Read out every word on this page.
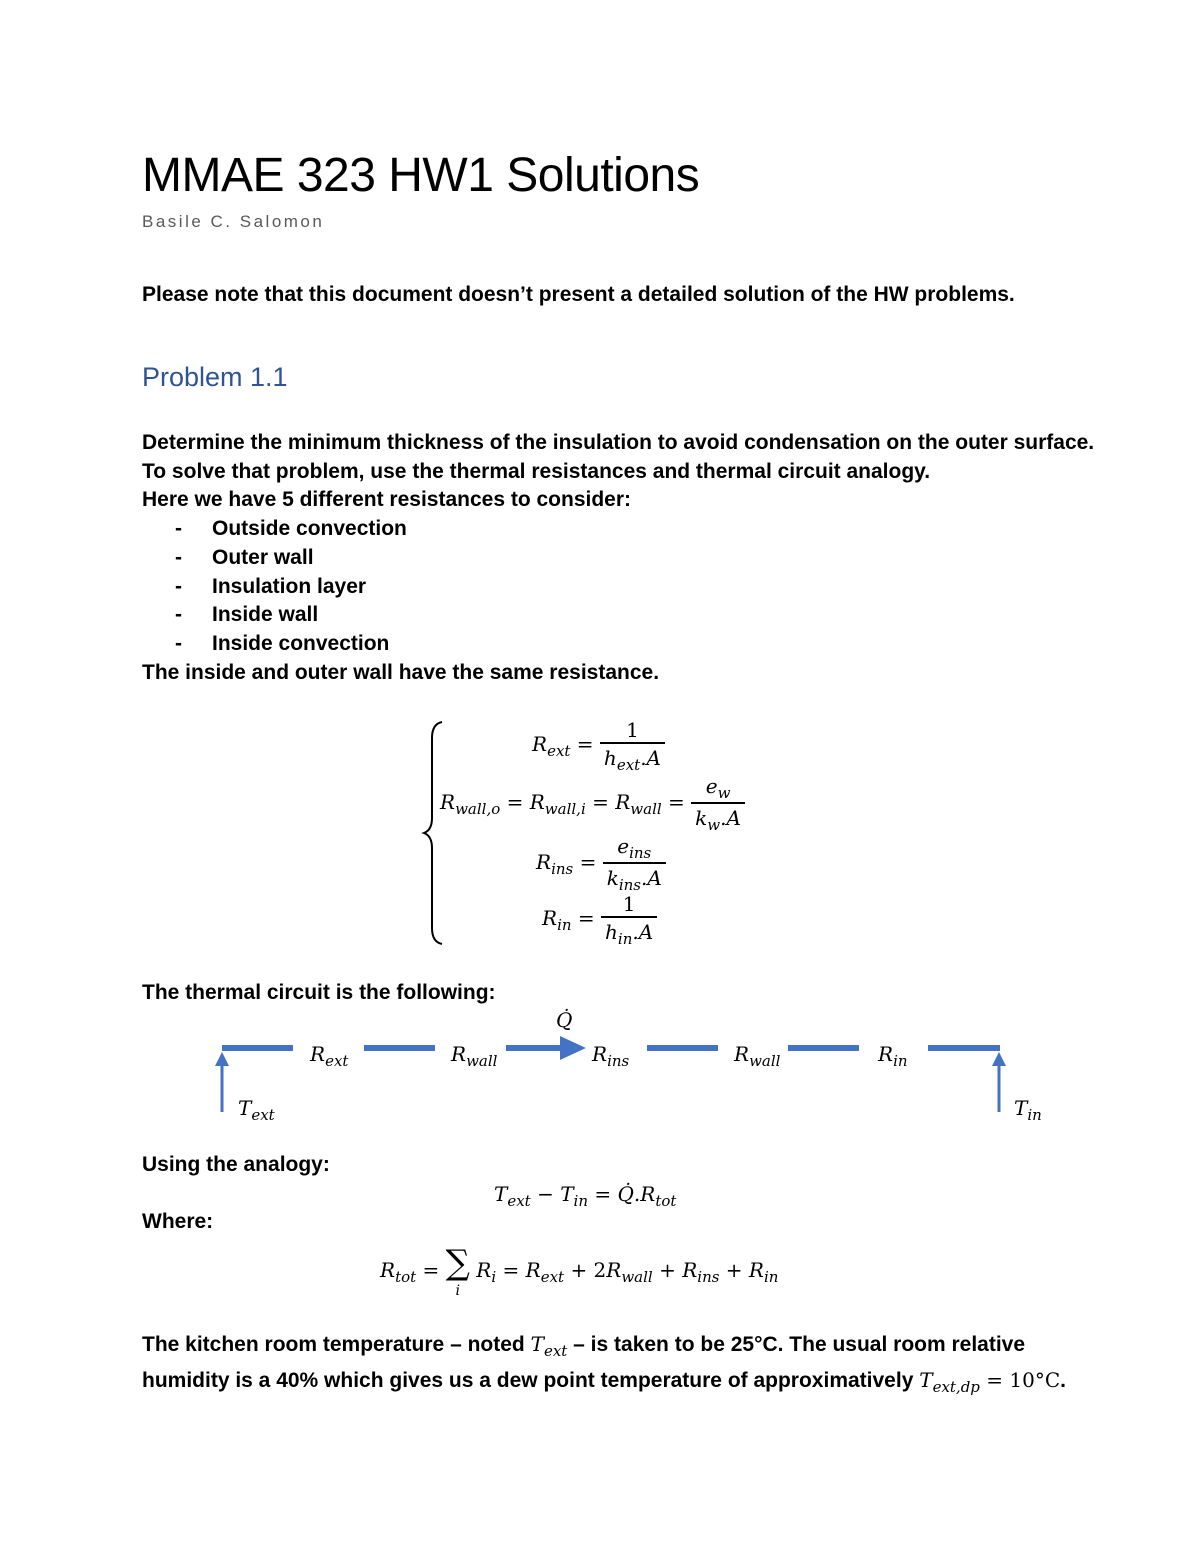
MMAE 323 HW1 Solutions
Basile C. Salomon
Please note that this document doesn’t present a detailed solution of the HW problems.
Problem 1.1
Determine the minimum thickness of the insulation to avoid condensation on the outer surface.
To solve that problem, use the thermal resistances and thermal circuit analogy.
Here we have 5 different resistances to consider:
- Outside convection
- Outer wall
- Insulation layer
- Inside wall
- Inside convection
The inside and outer wall have the same resistance.
$R_{ext} = \frac{1}{h_{ext}.A}$
$R_{wall,o} = R_{wall,i} = R_{wall} = \frac{e_w}{k_w.A}$
$R_{ins} = \frac{e_{ins}}{k_{ins}.A}$
$R_{in} = \frac{1}{h_{in}.A}$
The thermal circuit is the following:
Q̇
$R_{ext}$	$R_{wall}$	$R_{ins}$	$R_{wall}$	$R_{in}$
$T_{ext}$	$T_{in}$
Using the analogy:
$T_{ext} - T_{in}$ = $Q̇.R_{tot}$
Where:
$R_{tot}$ = ∑
i
$R_i = R_{ext} + 2R_{wall} + R_{ins} + R_{in}$
The kitchen room temperature – noted $T_{ext}$ – is taken to be 25°C. The usual room relative
humidity is a 40% which gives us a dew point temperature of approximatively $T_{ext,dp} = 10^\circ C$.
